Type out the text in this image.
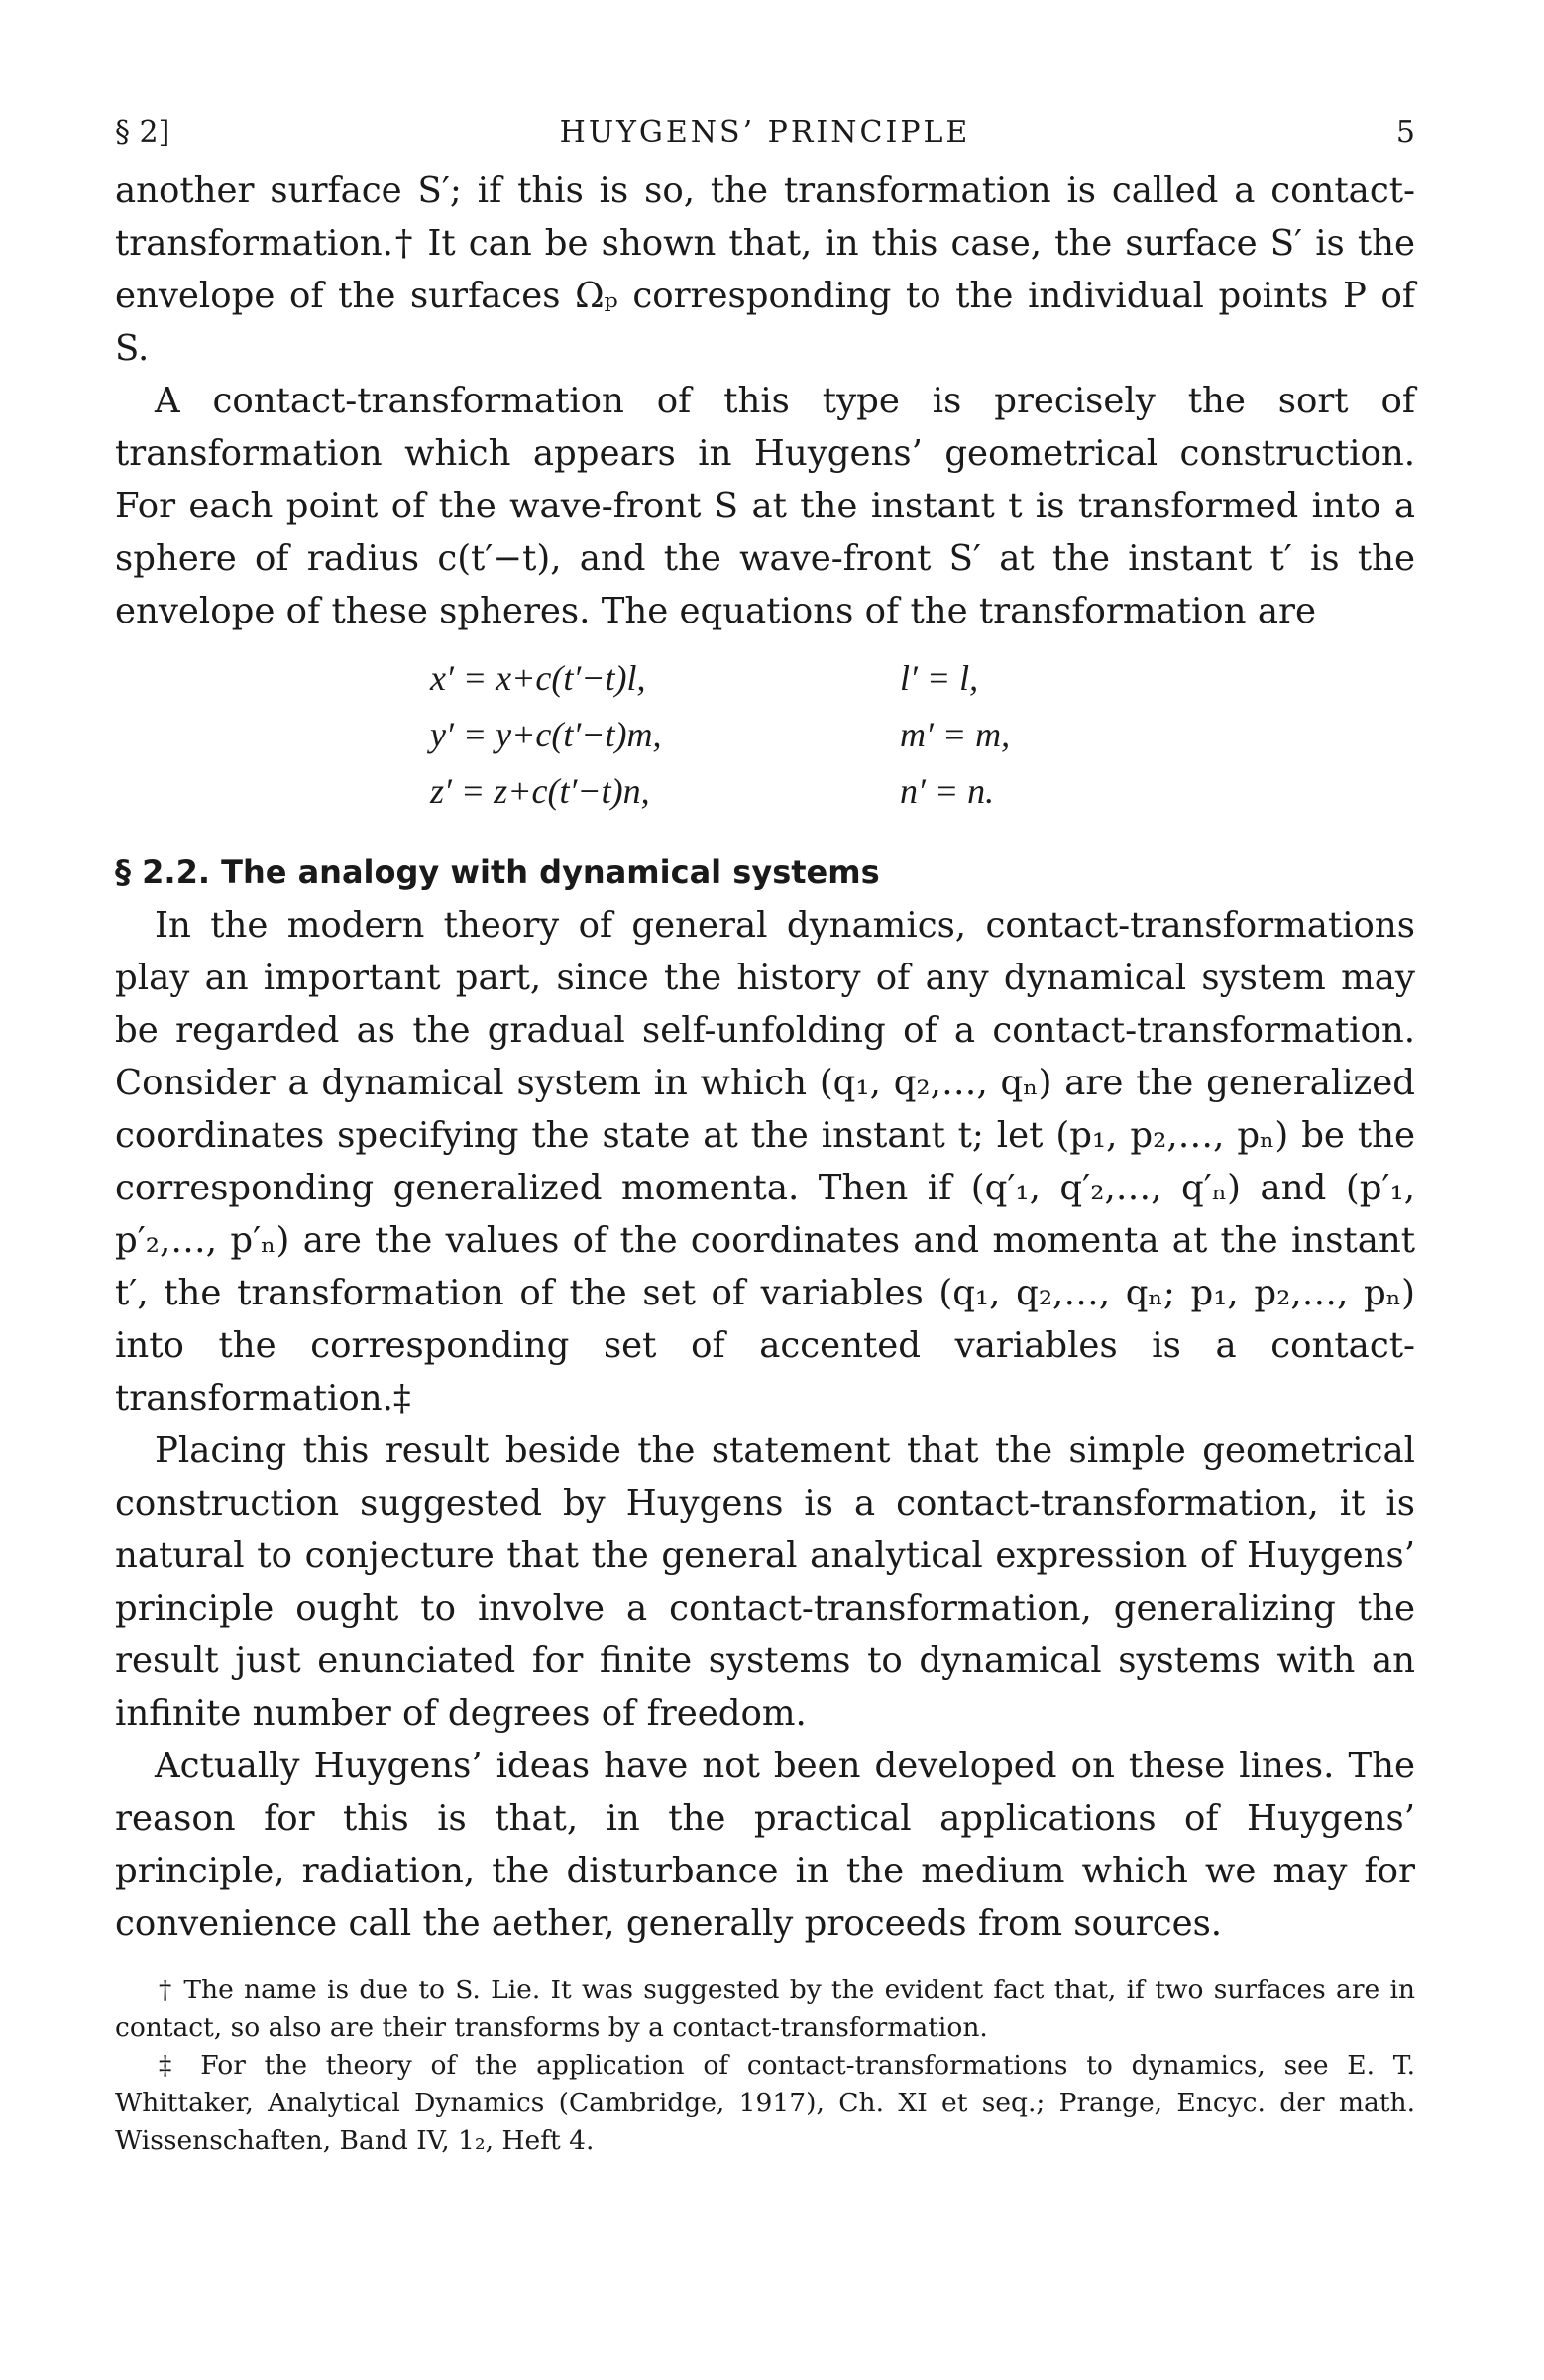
§ 2]	HUYGENS’ PRINCIPLE	5

another surface S′; if this is so, the transformation is called a contact-transformation.† It can be shown that, in this case, the surface S′ is the envelope of the surfaces Ωₚ corresponding to the individual points P of S.

A contact-transformation of this type is precisely the sort of transformation which appears in Huygens’ geometrical construction. For each point of the wave-front S at the instant t is transformed into a sphere of radius c(t′−t), and the wave-front S′ at the instant t′ is the envelope of these spheres. The equations of the transformation are

x′ = x+c(t′−t)l,	l′ = l,
y′ = y+c(t′−t)m,	m′ = m,
z′ = z+c(t′−t)n,	n′ = n.
§ 2.2. The analogy with dynamical systems

In the modern theory of general dynamics, contact-transformations play an important part, since the history of any dynamical system may be regarded as the gradual self-unfolding of a contact-transformation. Consider a dynamical system in which (q₁, q₂,…, qₙ) are the generalized coordinates specifying the state at the instant t; let (p₁, p₂,…, pₙ) be the corresponding generalized momenta. Then if (q′₁, q′₂,…, q′ₙ) and (p′₁, p′₂,…, p′ₙ) are the values of the coordinates and momenta at the instant t′, the transformation of the set of variables (q₁, q₂,…, qₙ; p₁, p₂,…, pₙ) into the corresponding set of accented variables is a contact-transformation.‡

Placing this result beside the statement that the simple geometrical construction suggested by Huygens is a contact-transformation, it is natural to conjecture that the general analytical expression of Huygens’ principle ought to involve a contact-transformation, generalizing the result just enunciated for finite systems to dynamical systems with an infinite number of degrees of freedom.

Actually Huygens’ ideas have not been developed on these lines. The reason for this is that, in the practical applications of Huygens’ principle, radiation, the disturbance in the medium which we may for convenience call the aether, generally proceeds from sources.

† The name is due to S. Lie. It was suggested by the evident fact that, if two surfaces are in contact, so also are their transforms by a contact-transformation.

‡ For the theory of the application of contact-transformations to dynamics, see E. T. Whittaker, Analytical Dynamics (Cambridge, 1917), Ch. XI et seq.; Prange, Encyc. der math. Wissenschaften, Band IV, 1₂, Heft 4.
